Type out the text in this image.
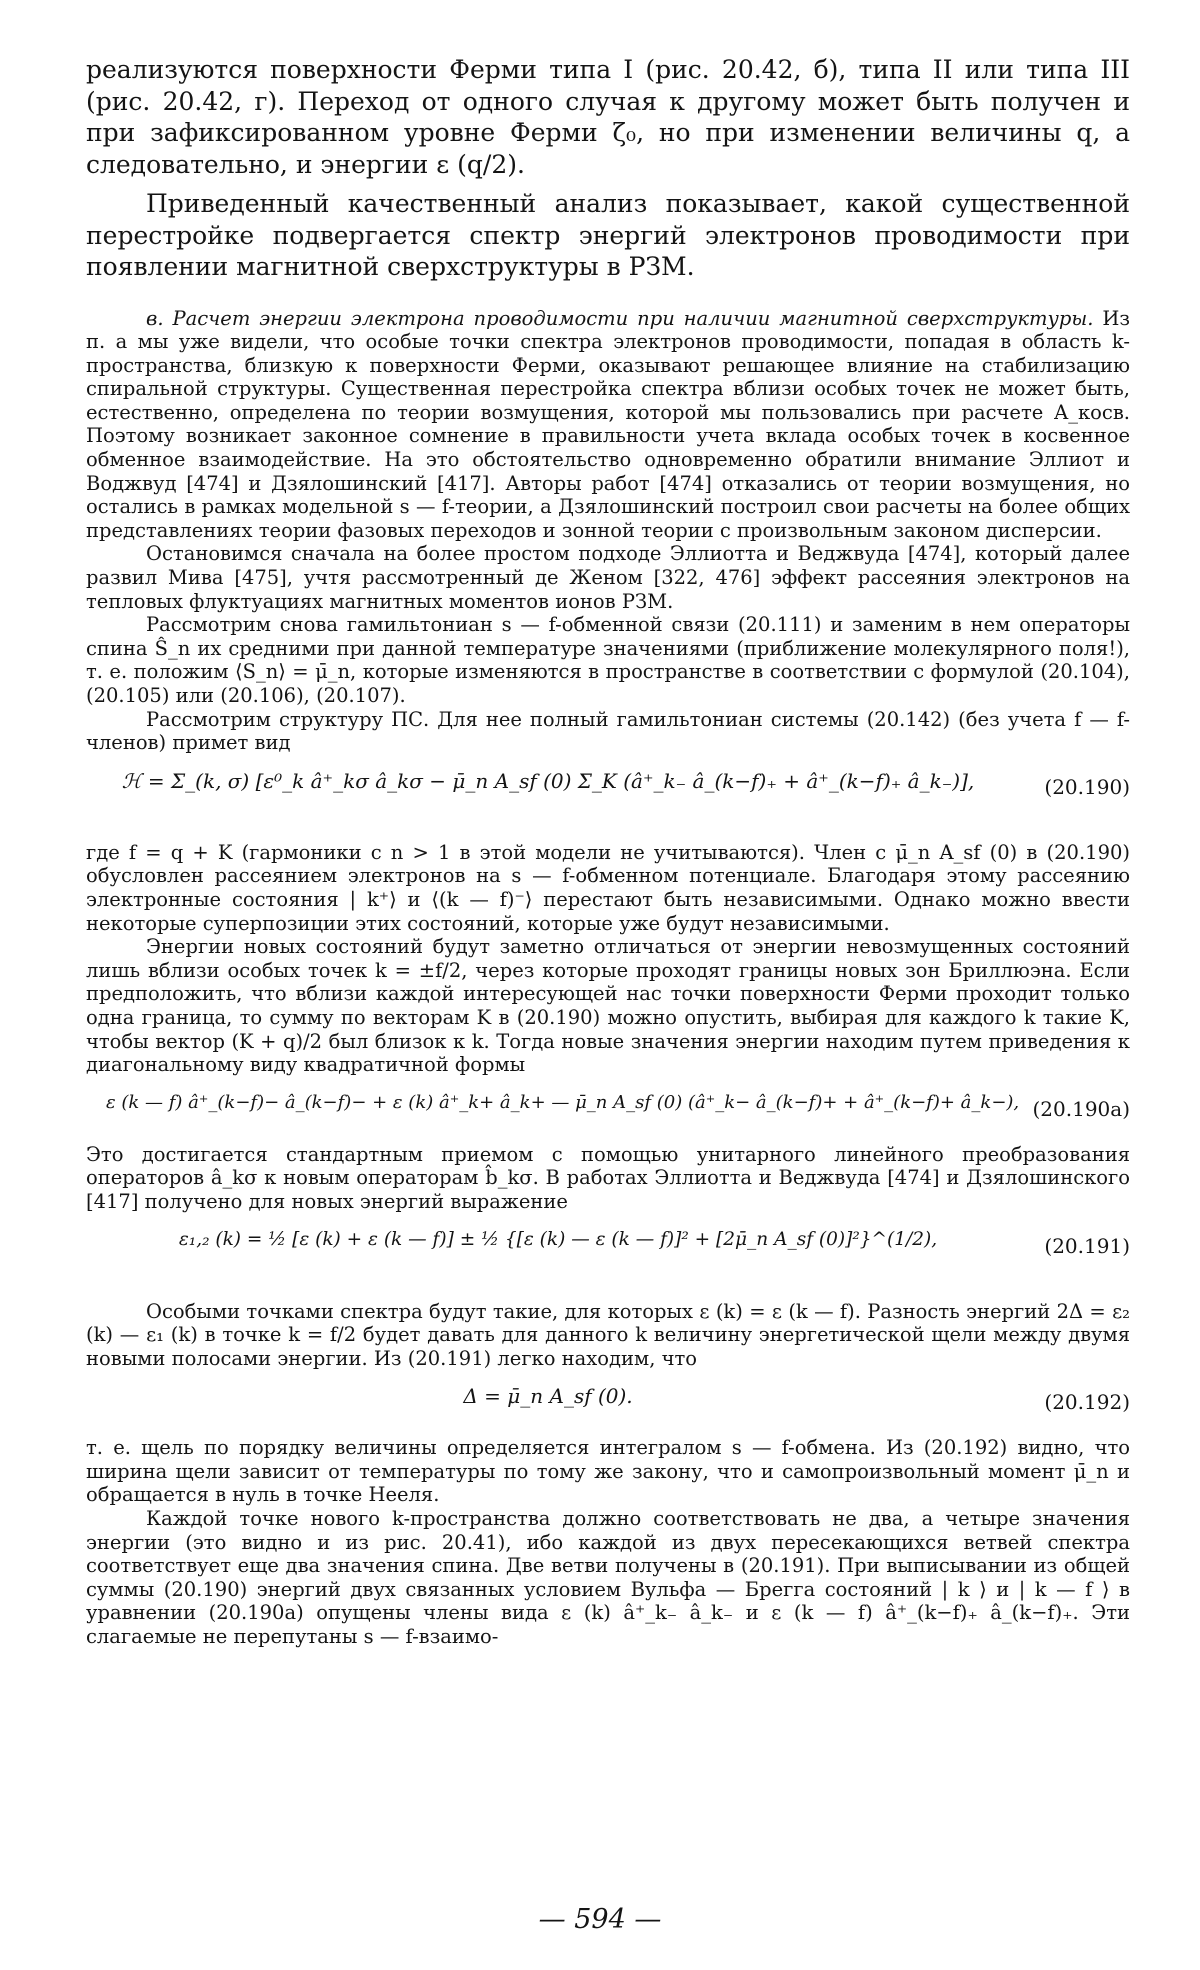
реализуются поверхности Ферми типа I (рис. 20.42, б), типа II или типа III (рис. 20.42, г). Переход от одного случая к другому может быть получен и при зафиксированном уровне Ферми ζ₀, но при изменении величины q, а следовательно, и энергии ε (q/2).

Приведенный качественный анализ показывает, какой существенной перестройке подвергается спектр энергий электронов проводимости при появлении магнитной сверхструктуры в РЗМ.

в. Расчет энергии электрона проводимости при наличии магнитной сверхструктуры. Из п. а мы уже видели, что особые точки спектра электронов проводимости, попадая в область k-пространства, близкую к поверхности Ферми, оказывают решающее влияние на стабилизацию спиральной структуры. Существенная перестройка спектра вблизи особых точек не может быть, естественно, определена по теории возмущения, которой мы пользовались при расчете A_косв. Поэтому возникает законное сомнение в правильности учета вклада особых точек в косвенное обменное взаимодействие. На это обстоятельство одновременно обратили внимание Эллиот и Воджвуд [474] и Дзялошинский [417]. Авторы работ [474] отказались от теории возмущения, но остались в рамках модельной s — f-теории, а Дзялошинский построил свои расчеты на более общих представлениях теории фазовых переходов и зонной теории с произвольным законом дисперсии.

Остановимся сначала на более простом подходе Эллиотта и Веджвуда [474], который далее развил Мива [475], учтя рассмотренный де Женом [322, 476] эффект рассеяния электронов на тепловых флуктуациях магнитных моментов ионов РЗМ.

Рассмотрим снова гамильтониан s — f-обменной связи (20.111) и заменим в нем операторы спина Ŝ_n их средними при данной температуре значениями (приближение молекулярного поля!), т. е. положим ⟨S_n⟩ = μ̄_n, которые изменяются в пространстве в соответствии с формулой (20.104), (20.105) или (20.106), (20.107).

Рассмотрим структуру ПС. Для нее полный гамильтониан системы (20.142) (без учета f — f-членов) примет вид

ℋ = Σ_(k, σ) [ε⁰_k â⁺_kσ â_kσ − μ̄_n A_sf (0) Σ_K (â⁺_k₋ â_(k−f)₊ + â⁺_(k−f)₊ â_k₋)],	(20.190)

где f = q + K (гармоники с n > 1 в этой модели не учитываются). Член с μ̄_n A_sf (0) в (20.190) обусловлен рассеянием электронов на s — f-обменном потенциале. Благодаря этому рассеянию электронные состояния | k⁺⟩ и ⟨(k — f)⁻⟩ перестают быть независимыми. Однако можно ввести некоторые суперпозиции этих состояний, которые уже будут независимыми.

Энергии новых состояний будут заметно отличаться от энергии невозмущенных состояний лишь вблизи особых точек k = ±f/2, через которые проходят границы новых зон Бриллюэна. Если предположить, что вблизи каждой интересующей нас точки поверхности Ферми проходит только одна граница, то сумму по векторам K в (20.190) можно опустить, выбирая для каждого k такие K, чтобы вектор (K + q)/2 был близок к k. Тогда новые значения энергии находим путем приведения к диагональному виду квадратичной формы

ε (k — f) â⁺_(k−f)− â_(k−f)− + ε (k) â⁺_k+ â_k+ — μ̄_n A_sf (0) (â⁺_k− â_(k−f)+ + â⁺_(k−f)+ â_k−), (20.190а)

Это достигается стандартным приемом с помощью унитарного линейного преобразования операторов â_kσ к новым операторам b̂_kσ. В работах Эллиотта и Веджвуда [474] и Дзялошинского [417] получено для новых энергий выражение

ε₁,₂ (k) = ½ [ε (k) + ε (k — f)] ± ½ {[ε (k) — ε (k — f)]² + [2μ̄_n A_sf (0)]²}^(1/2),	(20.191)

Особыми точками спектра будут такие, для которых ε (k) = ε (k — f). Разность энергий 2Δ = ε₂ (k) — ε₁ (k) в точке k = f/2 будет давать для данного k величину энергетической щели между двумя новыми полосами энергии. Из (20.191) легко находим, что

Δ = μ̄_n A_sf (0).	(20.192)

т. е. щель по порядку величины определяется интегралом s — f-обмена. Из (20.192) видно, что ширина щели зависит от температуры по тому же закону, что и самопроизвольный момент μ̄_n и обращается в нуль в точке Нееля.

Каждой точке нового k-пространства должно соответствовать не два, а четыре значения энергии (это видно и из рис. 20.41), ибо каждой из двух пересекающихся ветвей спектра соответствует еще два значения спина. Две ветви получены в (20.191). При выписывании из общей суммы (20.190) энергий двух связанных условием Вульфа — Брегга состояний | k ⟩ и | k — f ⟩ в уравнении (20.190а) опущены члены вида ε (k) â⁺_k₋ â_k₋ и ε (k — f) â⁺_(k−f)₊ â_(k−f)₊. Эти слагаемые не перепутаны s — f-взаимо-

— 594 —
